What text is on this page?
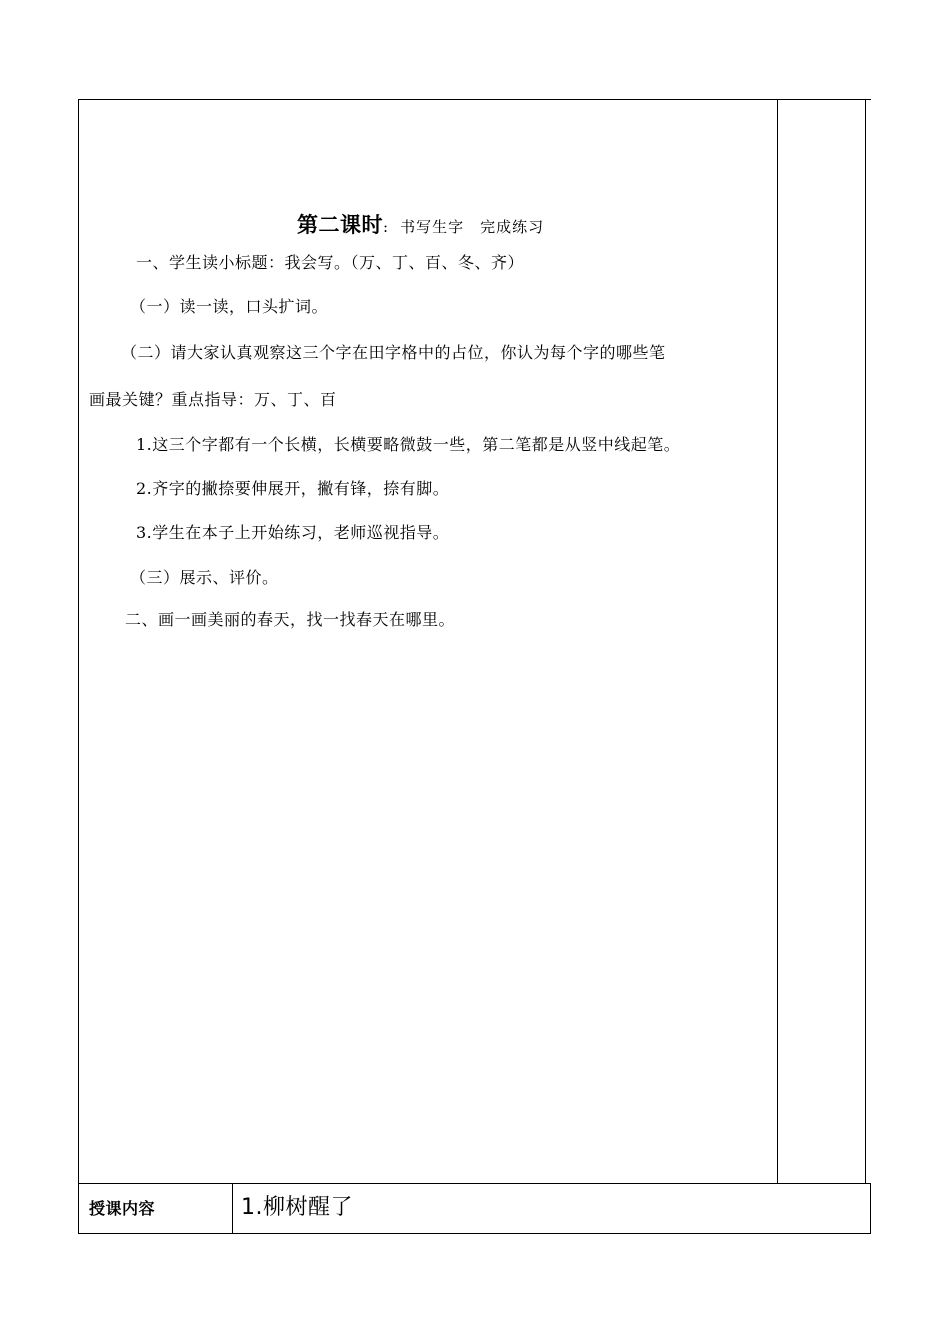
第二课时: 书写生字　完成练习
一、学生读小标题：我会写。（万、丁、百、冬、齐）
（一）读一读，口头扩词。
（二）请大家认真观察这三个字在田字格中的占位，你认为每个字的哪些笔
画最关键？重点指导：万、丁、百
1.这三个字都有一个长横，长横要略微鼓一些，第二笔都是从竖中线起笔。
2.齐字的撇捺要伸展开，撇有锋，捺有脚。
3.学生在本子上开始练习，老师巡视指导。
（三）展示、评价。
二、画一画美丽的春天，找一找春天在哪里。
授课内容	1.柳树醒了
